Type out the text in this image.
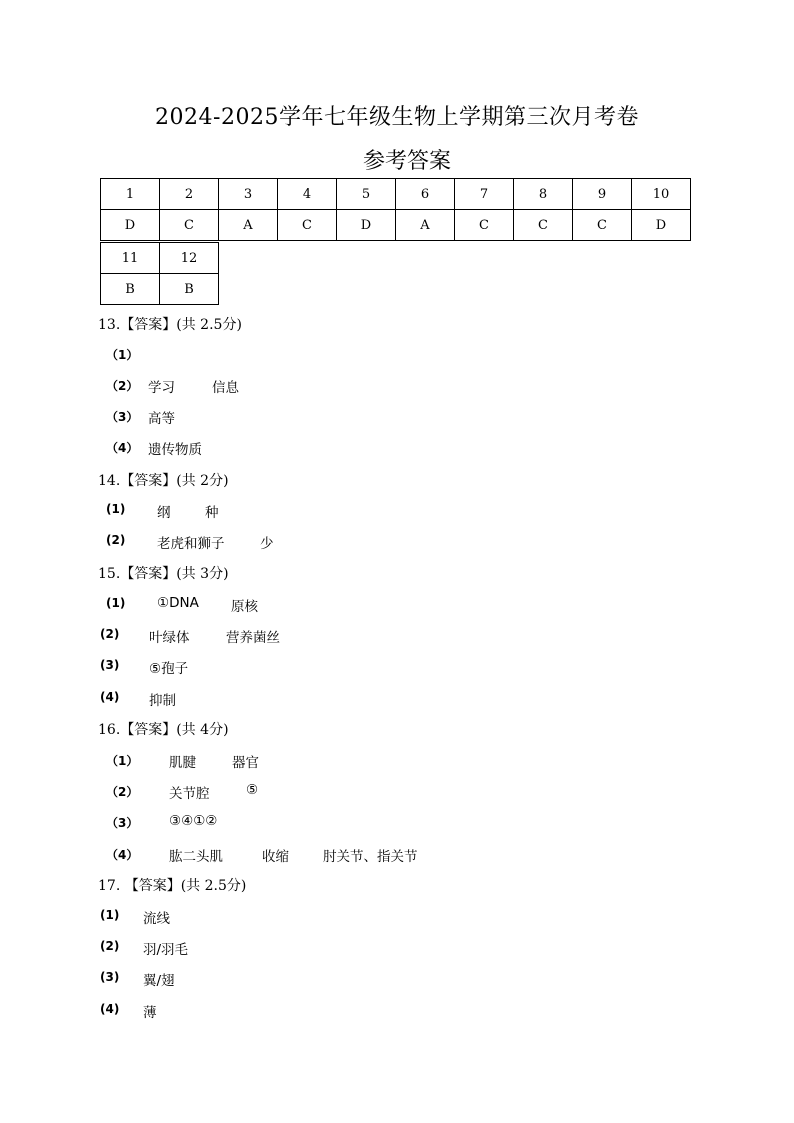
2024-2025学年七年级生物上学期第三次月考卷
参考答案
1	2	3	4	5	6	7	8	9	10
D	C	A	C	D	A	C	C	C	D
11	12
B	B
13.【答案】(共 2.5分)
（1）
（2） 学习	信息
（3） 高等
（4） 遗传物质
14.【答案】(共 2分)
(1) 纲	种
(2) 老虎和狮子	少
15.【答案】(共 3分)
(1) ①DNA 原核
(2) 叶绿体	营养菌丝
(3) ⑤孢子
(4) 抑制
16.【答案】(共 4分)
（1） 肌腱	器官
（2） 关节腔	⑤
（3） ③④①②
（4） 肱二头肌	收缩	肘关节、指关节
17. 【答案】(共 2.5分)
(1) 流线
(2) 羽/羽毛
(3) 翼/翅
(4) 薄
